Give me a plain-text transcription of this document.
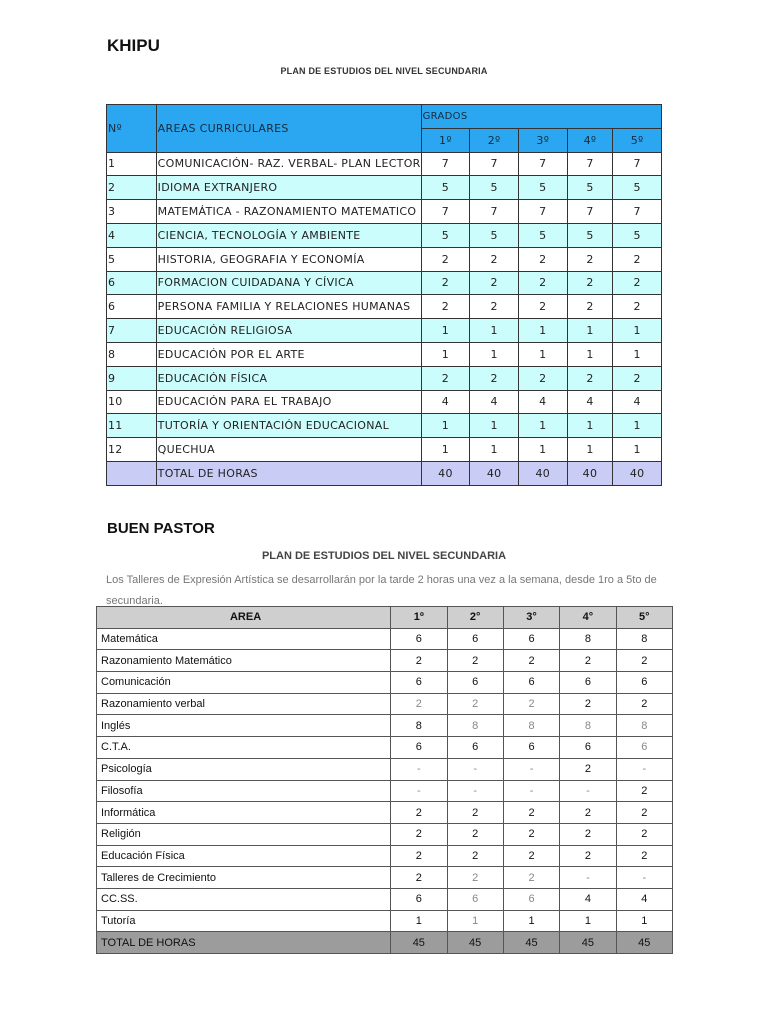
KHIPU
PLAN DE ESTUDIOS DEL NIVEL SECUNDARIA
Nº	AREAS CURRICULARES	GRADOS				
		1º	2º	3º	4º	5º
1	COMUNICACIÓN- RAZ. VERBAL- PLAN LECTOR	7	7	7	7	7
2	IDIOMA EXTRANJERO	5	5	5	5	5
3	MATEMÁTICA - RAZONAMIENTO MATEMATICO	7	7	7	7	7
4	CIENCIA, TECNOLOGÍA Y AMBIENTE	5	5	5	5	5
5	HISTORIA, GEOGRAFIA Y ECONOMÍA	2	2	2	2	2
6	FORMACION CUIDADANA Y CÍVICA	2	2	2	2	2
6	PERSONA FAMILIA Y RELACIONES HUMANAS	2	2	2	2	2
7	EDUCACIÓN RELIGIOSA	1	1	1	1	1
8	EDUCACIÓN POR EL ARTE	1	1	1	1	1
9	EDUCACIÓN FÍSICA	2	2	2	2	2
10	EDUCACIÓN PARA EL TRABAJO	4	4	4	4	4
11	TUTORÍA Y ORIENTACIÓN EDUCACIONAL	1	1	1	1	1
12	QUECHUA	1	1	1	1	1
	TOTAL DE HORAS	40	40	40	40	40
BUEN PASTOR
PLAN DE ESTUDIOS DEL NIVEL SECUNDARIA
Los Talleres de Expresión Artística se desarrollarán por la tarde 2 horas una vez a la semana, desde 1ro a 5to de secundaria.
AREA	1º	2°	3°	4°	5°
Matemática	6	6	6	8	8
Razonamiento Matemático	2	2	2	2	2
Comunicación	6	6	6	6	6
Razonamiento verbal	2	2	2	2	2
Inglés	8	8	8	8	8
C.T.A.	6	6	6	6	6
Psicología	-	-	-	2	-
Filosofía	-	-	-	-	2
Informática	2	2	2	2	2
Religión	2	2	2	2	2
Educación Física	2	2	2	2	2
Talleres de Crecimiento	2	2	2	-	-
CC.SS.	6	6	6	4	4
Tutoría	1	1	1	1	1
TOTAL DE HORAS	45	45	45	45	45
